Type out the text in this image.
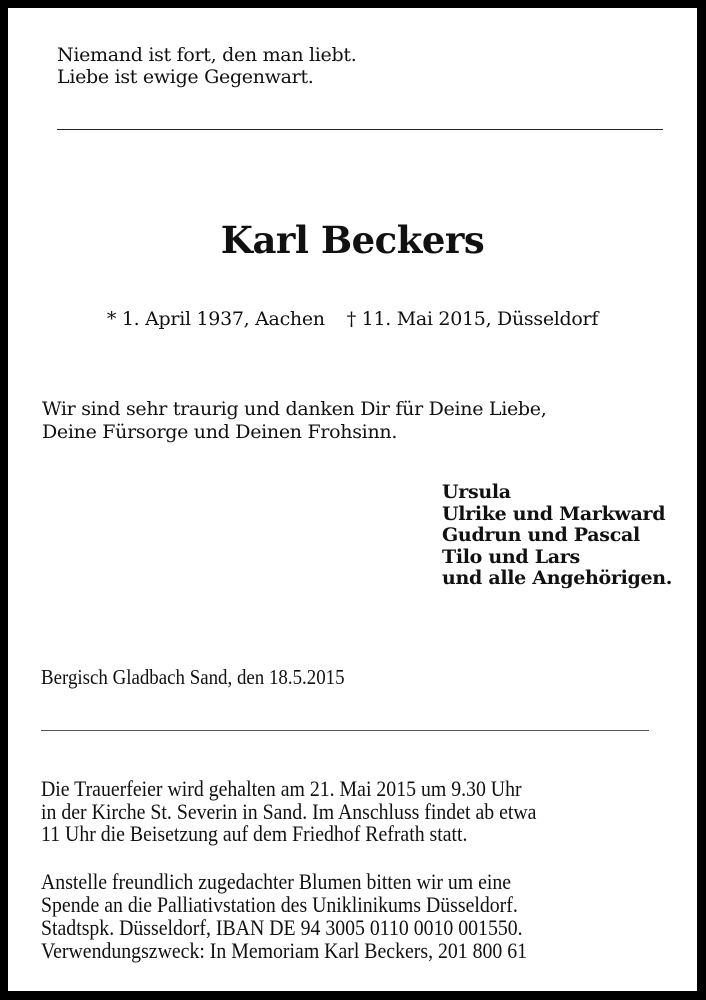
Niemand ist fort, den man liebt.
Liebe ist ewige Gegenwart.
Karl Beckers
* 1. April 1937, Aachen † 11. Mai 2015, Düsseldorf
Wir sind sehr traurig und danken Dir für Deine Liebe,
Deine Fürsorge und Deinen Frohsinn.
Ursula
Ulrike und Markward
Gudrun und Pascal
Tilo und Lars
und alle Angehörigen.
Bergisch Gladbach Sand, den 18.5.2015
Die Trauerfeier wird gehalten am 21. Mai 2015 um 9.30 Uhr
in der Kirche St. Severin in Sand. Im Anschluss findet ab etwa
11 Uhr die Beisetzung auf dem Friedhof Refrath statt.
Anstelle freundlich zugedachter Blumen bitten wir um eine
Spende an die Palliativstation des Uniklinikums Düsseldorf.
Stadtspk. Düsseldorf, IBAN DE 94 3005 0110 0010 001550.
Verwendungszweck: In Memoriam Karl Beckers, 201 800 61
